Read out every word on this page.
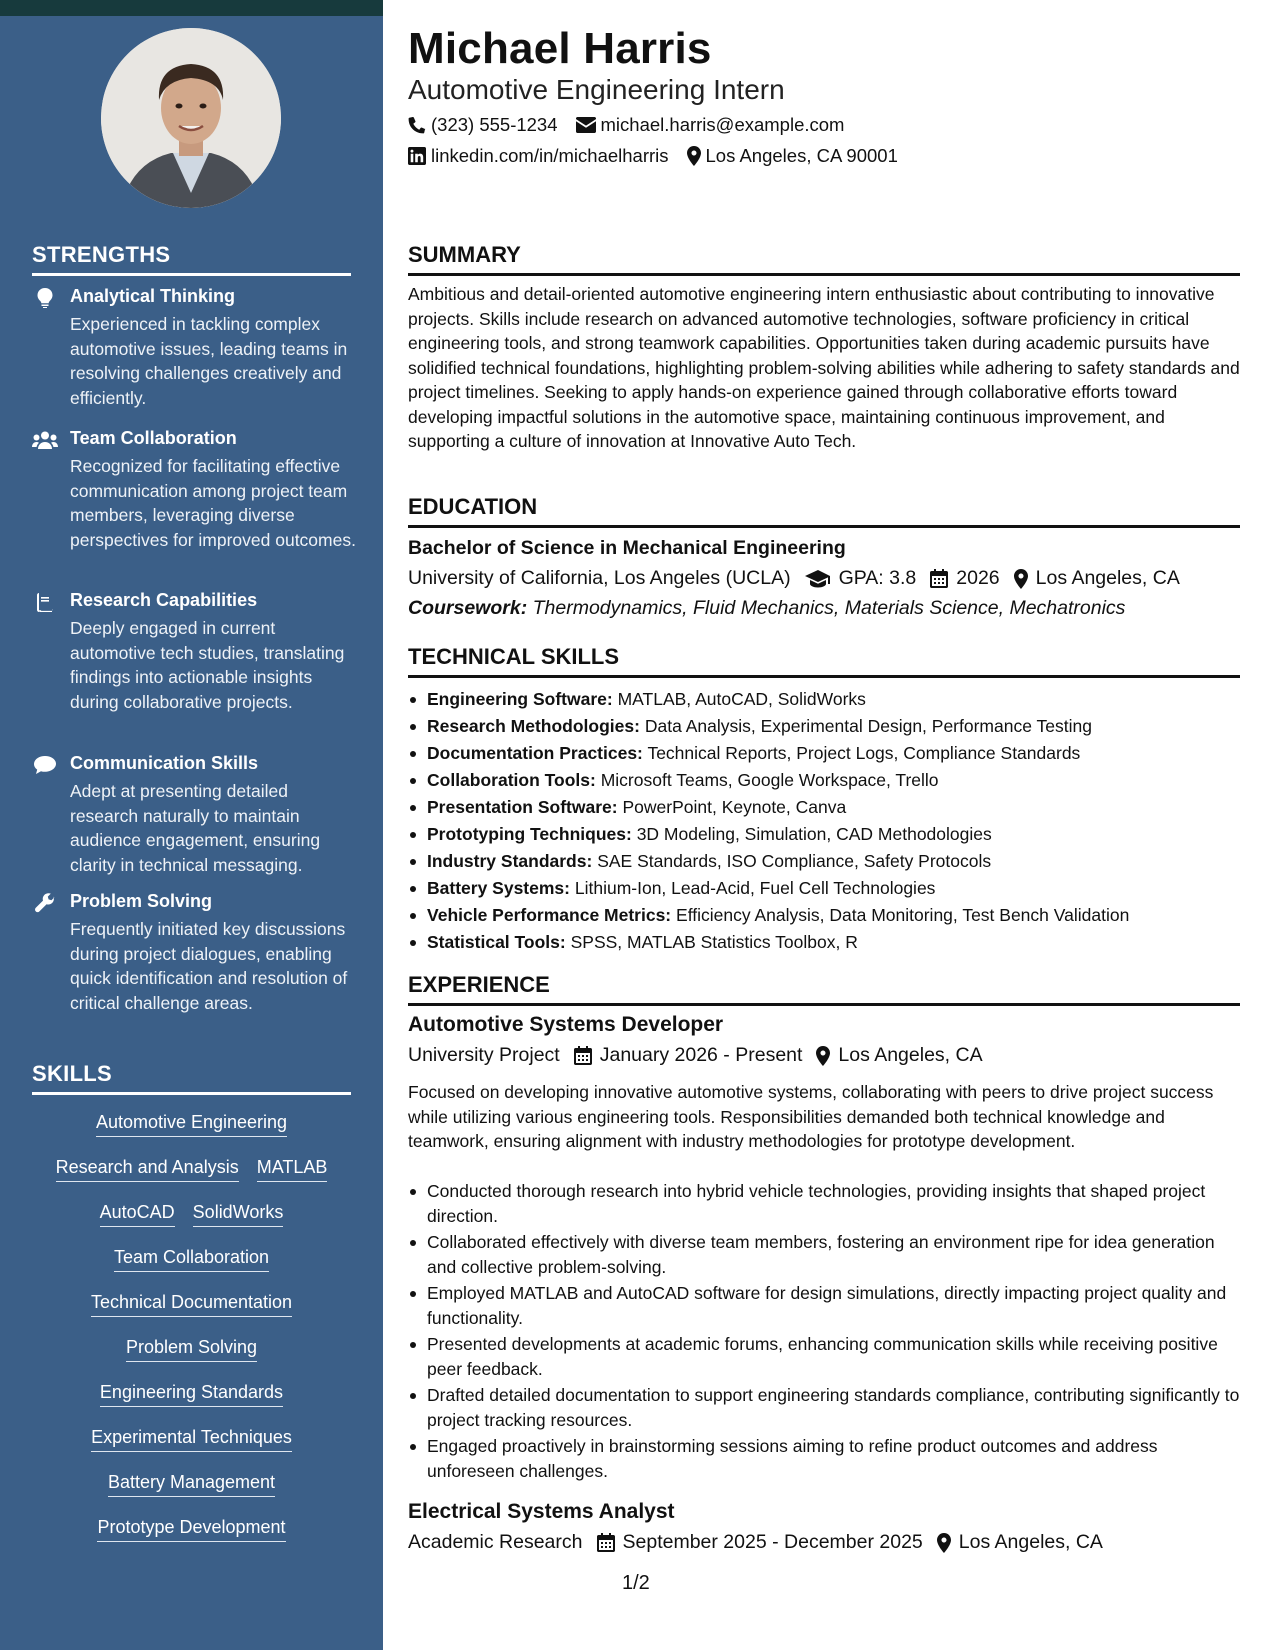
STRENGTHS
Analytical Thinking
Experienced in tackling complex automotive issues, leading teams in resolving challenges creatively and efficiently.
Team Collaboration
Recognized for facilitating effective communication among project team members, leveraging diverse perspectives for improved outcomes.
Research Capabilities
Deeply engaged in current automotive tech studies, translating findings into actionable insights during collaborative projects.
Communication Skills
Adept at presenting detailed research naturally to maintain audience engagement, ensuring clarity in technical messaging.
Problem Solving
Frequently initiated key discussions during project dialogues, enabling quick identification and resolution of critical challenge areas.
SKILLS
Automotive Engineering
Research and Analysis MATLAB
AutoCAD SolidWorks
Team Collaboration
Technical Documentation
Problem Solving
Engineering Standards
Experimental Techniques
Battery Management
Prototype Development
Michael Harris
Automotive Engineering Intern
(323) 555-1234 michael.harris@example.com
linkedin.com/in/michaelharris Los Angeles, CA 90001
SUMMARY

Ambitious and detail-oriented automotive engineering intern enthusiastic about contributing to innovative projects. Skills include research on advanced automotive technologies, software proficiency in critical engineering tools, and strong teamwork capabilities. Opportunities taken during academic pursuits have solidified technical foundations, highlighting problem-solving abilities while adhering to safety standards and project timelines. Seeking to apply hands-on experience gained through collaborative efforts toward developing impactful solutions in the automotive space, maintaining continuous improvement, and supporting a culture of innovation at Innovative Auto Tech.

EDUCATION
Bachelor of Science in Mechanical Engineering
University of California, Los Angeles (UCLA) GPA: 3.8 2026 Los Angeles, CA
Coursework: Thermodynamics, Fluid Mechanics, Materials Science, Mechatronics
TECHNICAL SKILLS
Engineering Software: MATLAB, AutoCAD, SolidWorks
Research Methodologies: Data Analysis, Experimental Design, Performance Testing
Documentation Practices: Technical Reports, Project Logs, Compliance Standards
Collaboration Tools: Microsoft Teams, Google Workspace, Trello
Presentation Software: PowerPoint, Keynote, Canva
Prototyping Techniques: 3D Modeling, Simulation, CAD Methodologies
Industry Standards: SAE Standards, ISO Compliance, Safety Protocols
Battery Systems: Lithium-Ion, Lead-Acid, Fuel Cell Technologies
Vehicle Performance Metrics: Efficiency Analysis, Data Monitoring, Test Bench Validation
Statistical Tools: SPSS, MATLAB Statistics Toolbox, R
EXPERIENCE
Automotive Systems Developer
University Project January 2026 - Present Los Angeles, CA

Focused on developing innovative automotive systems, collaborating with peers to drive project success while utilizing various engineering tools. Responsibilities demanded both technical knowledge and teamwork, ensuring alignment with industry methodologies for prototype development.

Conducted thorough research into hybrid vehicle technologies, providing insights that shaped project direction.
Collaborated effectively with diverse team members, fostering an environment ripe for idea generation and collective problem-solving.
Employed MATLAB and AutoCAD software for design simulations, directly impacting project quality and functionality.
Presented developments at academic forums, enhancing communication skills while receiving positive peer feedback.
Drafted detailed documentation to support engineering standards compliance, contributing significantly to project tracking resources.
Engaged proactively in brainstorming sessions aiming to refine product outcomes and address unforeseen challenges.
Electrical Systems Analyst
Academic Research September 2025 - December 2025 Los Angeles, CA
1/2
